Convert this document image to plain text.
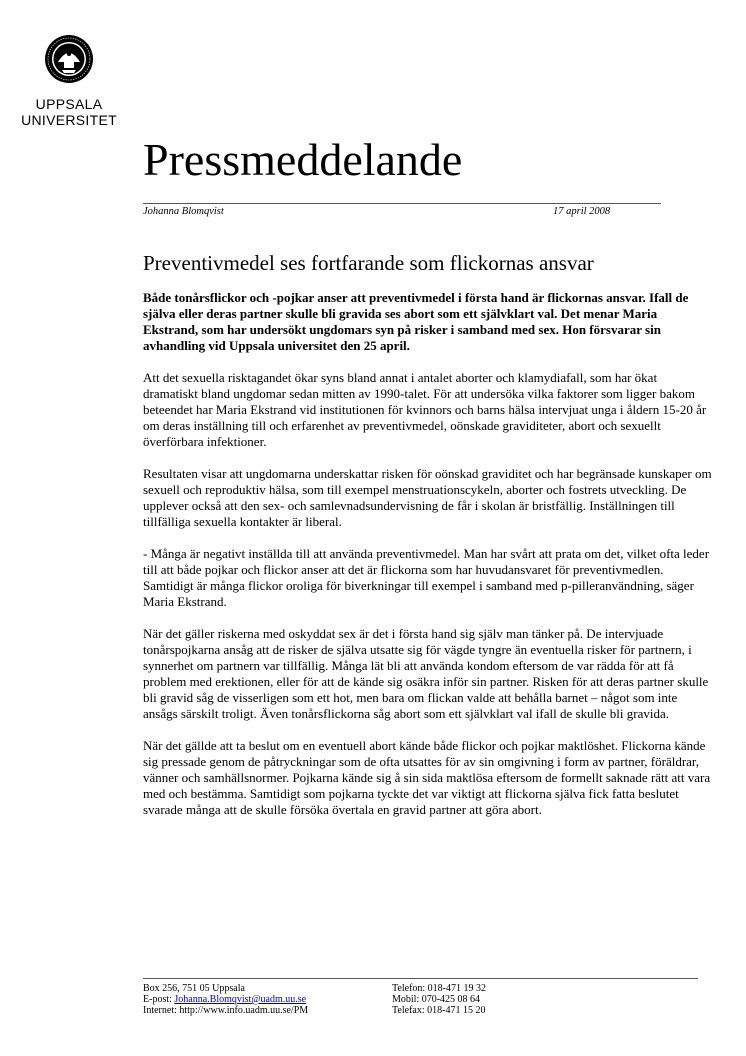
UPPSALA
UNIVERSITET
Pressmeddelande
Johanna Blomqvist	17 april 2008
Preventivmedel ses fortfarande som flickornas ansvar

Både tonårsflickor och -pojkar anser att preventivmedel i första hand är flickornas ansvar. Ifall de själva eller deras partner skulle bli gravida ses abort som ett självklart val. Det menar Maria Ekstrand, som har undersökt ungdomars syn på risker i samband med sex. Hon försvarar sin avhandling vid Uppsala universitet den 25 april.

Att det sexuella risktagandet ökar syns bland annat i antalet aborter och klamydiafall, som har ökat dramatiskt bland ungdomar sedan mitten av 1990-talet. För att undersöka vilka faktorer som ligger bakom beteendet har Maria Ekstrand vid institutionen för kvinnors och barns hälsa intervjuat unga i åldern 15-20 år om deras inställning till och erfarenhet av preventivmedel, oönskade graviditeter, abort och sexuellt överförbara infektioner.

Resultaten visar att ungdomarna underskattar risken för oönskad graviditet och har begränsade kunskaper om sexuell och reproduktiv hälsa, som till exempel menstruationscykeln, aborter och fostrets utveckling. De upplever också att den sex- och samlevnadsundervisning de får i skolan är bristfällig. Inställningen till tillfälliga sexuella kontakter är liberal.

- Många är negativt inställda till att använda preventivmedel. Man har svårt att prata om det, vilket ofta leder till att både pojkar och flickor anser att det är flickorna som har huvudansvaret för preventivmedlen. Samtidigt är många flickor oroliga för biverkningar till exempel i samband med p-pilleranvändning, säger Maria Ekstrand.

När det gäller riskerna med oskyddat sex är det i första hand sig själv man tänker på. De intervjuade tonårspojkarna ansåg att de risker de själva utsatte sig för vägde tyngre än eventuella risker för partnern, i synnerhet om partnern var tillfällig. Många lät bli att använda kondom eftersom de var rädda för att få problem med erektionen, eller för att de kände sig osäkra inför sin partner. Risken för att deras partner skulle bli gravid såg de visserligen som ett hot, men bara om flickan valde att behålla barnet – något som inte ansågs särskilt troligt. Även tonårsflickorna såg abort som ett självklart val ifall de skulle bli gravida.

När det gällde att ta beslut om en eventuell abort kände både flickor och pojkar maktlöshet. Flickorna kände sig pressade genom de påtryckningar som de ofta utsattes för av sin omgivning i form av partner, föräldrar, vänner och samhällsnormer. Pojkarna kände sig å sin sida maktlösa eftersom de formellt saknade rätt att vara med och bestämma. Samtidigt som pojkarna tyckte det var viktigt att flickorna själva fick fatta beslutet svarade många att de skulle försöka övertala en gravid partner att göra abort.

Box 256, 751 05 Uppsala
E-post: Johanna.Blomqvist@uadm.uu.se
Internet: http://www.info.uadm.uu.se/PM
Telefon: 018-471 19 32
Mobil: 070-425 08 64
Telefax: 018-471 15 20
